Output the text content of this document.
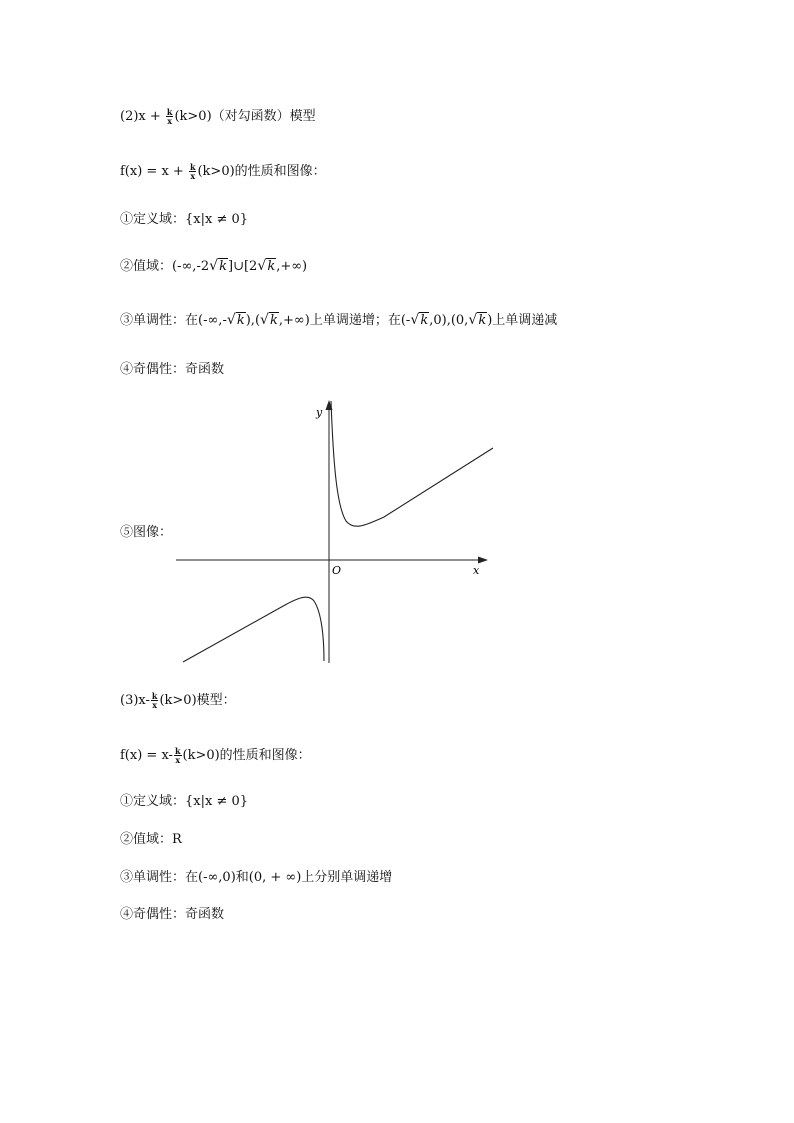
$(2)x + \frac{k}{x} (k>0)$（对勾函数）模型
$f(x) = x + \frac{k}{x} (k>0)$的性质和图像：
①定义域：{x|x ≠ 0}
②值域：(-∞,-2 √ k]∪[2 √ k,+∞)
③单调性：在(-∞,- √ k),( √ k,+∞)上单调递增；在(- √ k,0),(0, √ k)上单调递减
④奇偶性：奇函数
⑤图像：
y
x
O
$(3)x- \frac{k}{x} (k>0)$模型：
$f(x) = x- \frac{k}{x} (k>0)$的性质和图像：
①定义域：{x|x ≠ 0}
②值域：R
③单调性：在(-∞,0)和(0, + ∞)上分别单调递增
④奇偶性：奇函数
